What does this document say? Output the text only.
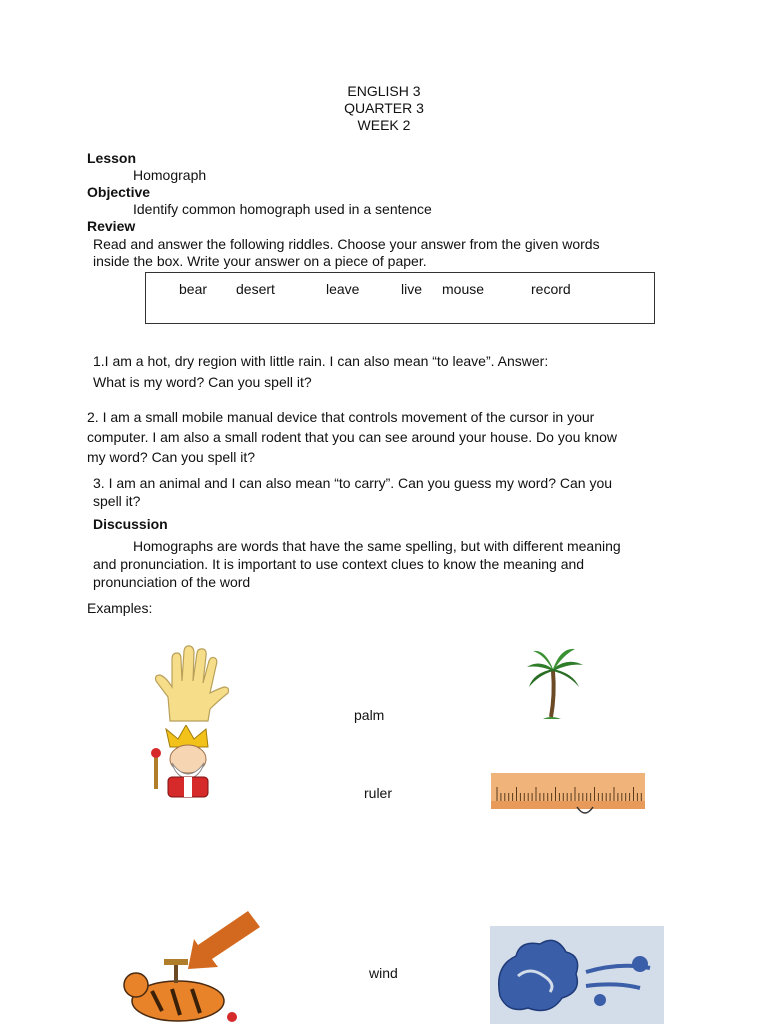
ENGLISH 3
QUARTER 3
WEEK 2
Lesson
Homograph
Objective
Identify common homograph used in a sentence
Review
Read and answer the following riddles. Choose your answer from the given words
inside the box. Write your answer on a piece of paper.
bear desert	leave	live mouse	record
1.I am a hot, dry region with little rain. I can also mean “to leave”. Answer:
What is my word? Can you spell it?
2. I am a small mobile manual device that controls movement of the cursor in your
computer. I am also a small rodent that you can see around your house. Do you know
my word? Can you spell it?
3. I am an animal and I can also mean “to carry”. Can you guess my word? Can you
spell it?
Discussion
Homographs are words that have the same spelling, but with different meaning
and pronunciation. It is important to use context clues to know the meaning and
pronunciation of the word
Examples:
palm
ruler
wind
